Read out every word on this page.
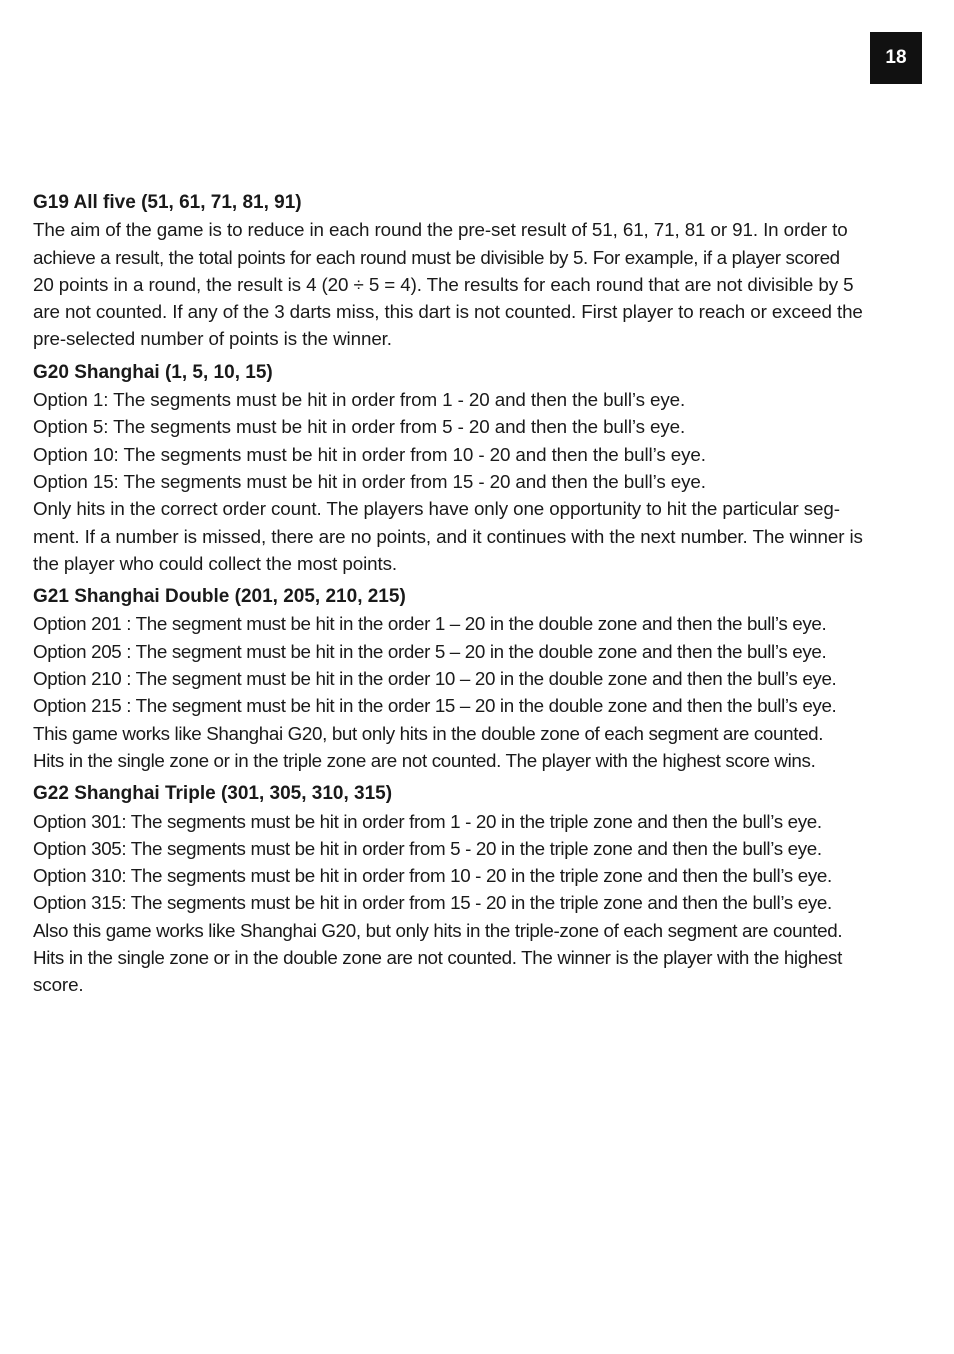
18
G19 All five (51, 61, 71, 81, 91)
The aim of the game is to reduce in each round the pre-set result of 51, 61, 71, 81 or 91. In order to
achieve a result, the total points for each round must be divisible by 5. For example, if a player scored
20 points in a round, the result is 4 (20 ÷ 5 = 4). The results for each round that are not divisible by 5
are not counted. If any of the 3 darts miss, this dart is not counted. First player to reach or exceed the
pre-selected number of points is the winner.
G20 Shanghai (1, 5, 10, 15)
Option 1: The segments must be hit in order from 1 - 20 and then the bull’s eye.
Option 5: The segments must be hit in order from 5 - 20 and then the bull’s eye.
Option 10: The segments must be hit in order from 10 - 20 and then the bull’s eye.
Option 15: The segments must be hit in order from 15 - 20 and then the bull’s eye.
Only hits in the correct order count. The players have only one opportunity to hit the particular seg-
ment. If a number is missed, there are no points, and it continues with the next number. The winner is
the player who could collect the most points.
G21 Shanghai Double (201, 205, 210, 215)
Option 201 : The segment must be hit in the order 1 – 20 in the double zone and then the bull’s eye.
Option 205 : The segment must be hit in the order 5 – 20 in the double zone and then the bull’s eye.
Option 210 : The segment must be hit in the order 10 – 20 in the double zone and then the bull’s eye.
Option 215 : The segment must be hit in the order 15 – 20 in the double zone and then the bull’s eye.
This game works like Shanghai G20, but only hits in the double zone of each segment are counted.
Hits in the single zone or in the triple zone are not counted. The player with the highest score wins.
G22 Shanghai Triple (301, 305, 310, 315)
Option 301: The segments must be hit in order from 1 - 20 in the triple zone and then the bull’s eye.
Option 305: The segments must be hit in order from 5 - 20 in the triple zone and then the bull’s eye.
Option 310: The segments must be hit in order from 10 - 20 in the triple zone and then the bull’s eye.
Option 315: The segments must be hit in order from 15 - 20 in the triple zone and then the bull’s eye.
Also this game works like Shanghai G20, but only hits in the triple-zone of each segment are counted.
Hits in the single zone or in the double zone are not counted. The winner is the player with the highest
score.
